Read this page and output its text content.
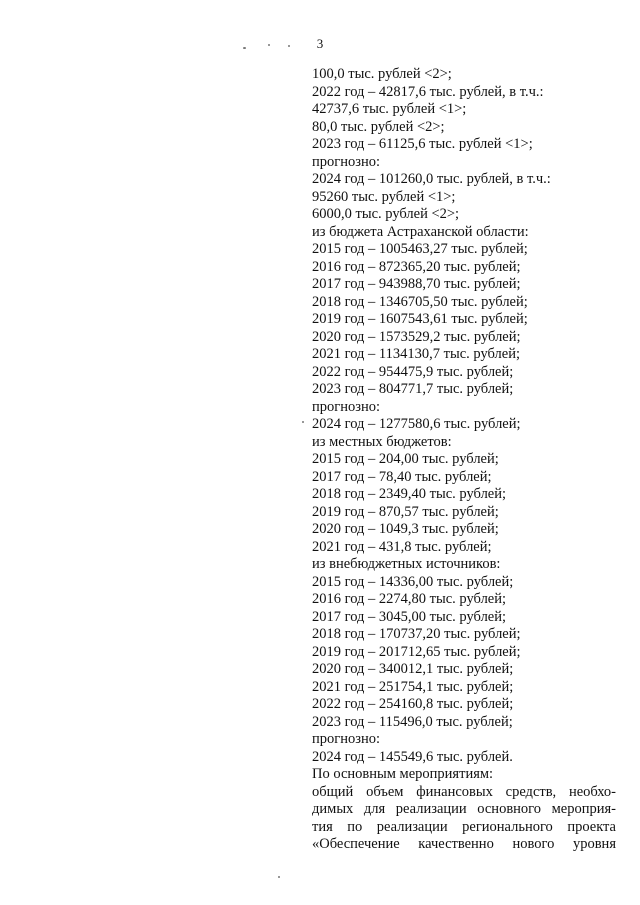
3
100,0 тыс. рублей <2>;
2022 год – 42817,6 тыс. рублей, в т.ч.:
42737,6 тыс. рублей <1>;
80,0 тыс. рублей <2>;
2023 год – 61125,6 тыс. рублей <1>;
прогнозно:
2024 год – 101260,0 тыс. рублей, в т.ч.:
95260 тыс. рублей <1>;
6000,0 тыс. рублей <2>;
из бюджета Астраханской области:
2015 год – 1005463,27 тыс. рублей;
2016 год – 872365,20 тыс. рублей;
2017 год – 943988,70 тыс. рублей;
2018 год – 1346705,50 тыс. рублей;
2019 год – 1607543,61 тыс. рублей;
2020 год – 1573529,2 тыс. рублей;
2021 год – 1134130,7 тыс. рублей;
2022 год – 954475,9 тыс. рублей;
2023 год – 804771,7 тыс. рублей;
прогнозно:
2024 год – 1277580,6 тыс. рублей;
из местных бюджетов:
2015 год – 204,00 тыс. рублей;
2017 год – 78,40 тыс. рублей;
2018 год – 2349,40 тыс. рублей;
2019 год – 870,57 тыс. рублей;
2020 год – 1049,3 тыс. рублей;
2021 год – 431,8 тыс. рублей;
из внебюджетных источников:
2015 год – 14336,00 тыс. рублей;
2016 год – 2274,80 тыс. рублей;
2017 год – 3045,00 тыс. рублей;
2018 год – 170737,20 тыс. рублей;
2019 год – 201712,65 тыс. рублей;
2020 год – 340012,1 тыс. рублей;
2021 год – 251754,1 тыс. рублей;
2022 год – 254160,8 тыс. рублей;
2023 год – 115496,0 тыс. рублей;
прогнозно:
2024 год – 145549,6 тыс. рублей.
По основным мероприятиям:
общий объем финансовых средств, необхо-
димых для реализации основного мероприя-
тия по реализации регионального проекта
«Обеспечение качественно нового уровня
